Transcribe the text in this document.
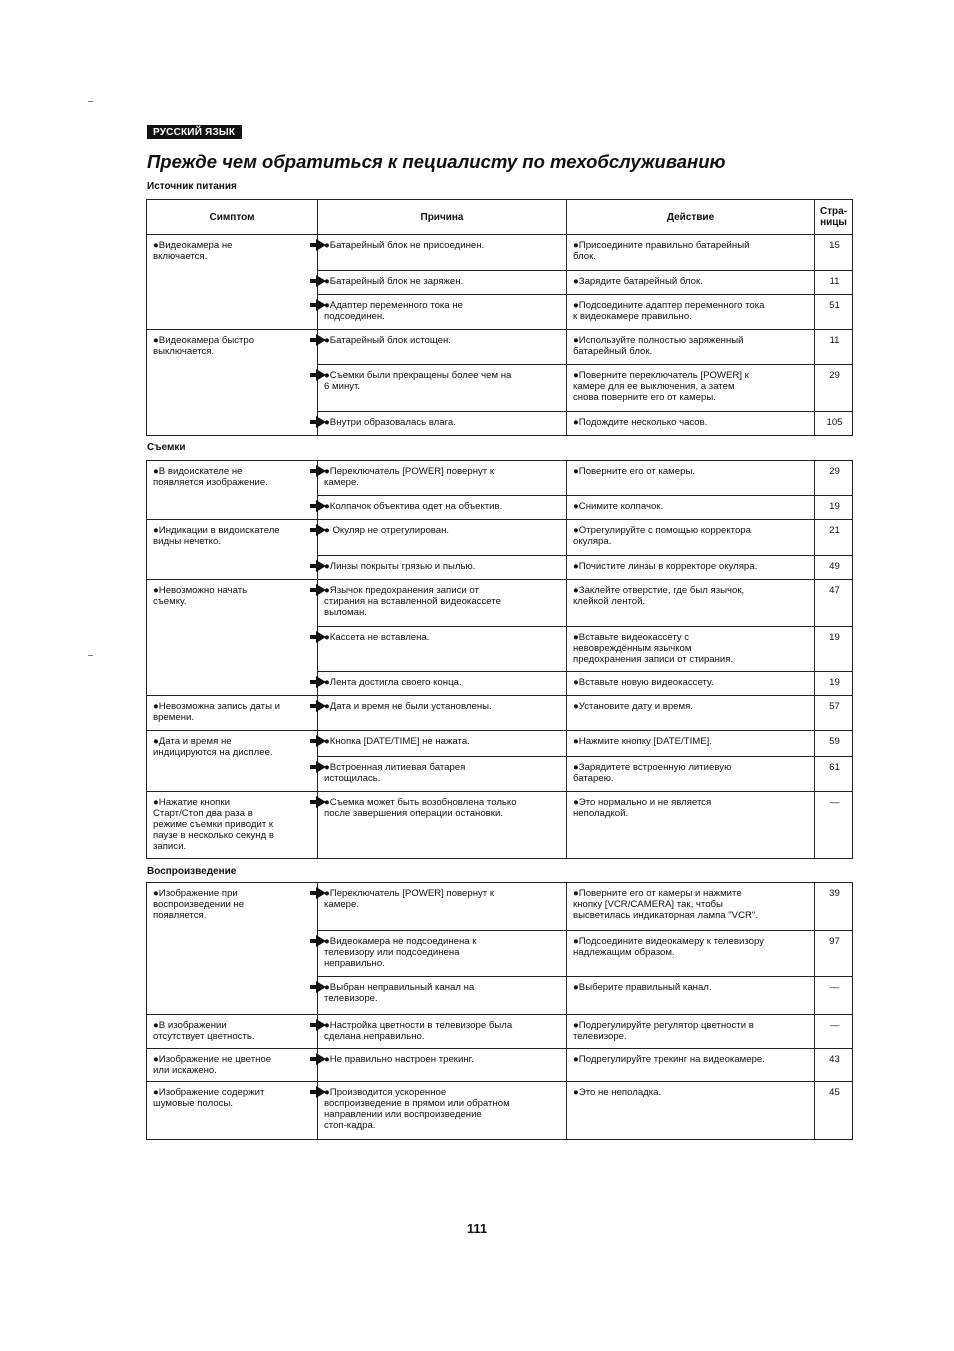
РУССКИЙ ЯЗЫК
Прежде чем обратиться к пециалисту по техобслуживанию
Источник питания
Симптом	Причина	Действие	Стра-
ницы
●Видеокамера не
включается.	●Батарейный блок не присоединен.	●Присоедините правильно батарейный
блок.	15

●Батарейный блок не заряжен.	●Зарядите батарейный блок.	11

●Адаптер переменного тока не
подсоединен.	●Подсоедините адаптер переменного тока
к видеокамере правильно.	51
●Видеокамера быстро
выключается.	●Батарейный блок истощен.	●Используйте полностью заряженный
батарейный блок.	11

●Съемки были прекращены более чем на
6 минут.	●Поверните переключатель [POWER] к
камере для ее выключения, а затем
снова поверните его от камеры.	29

●Внутри образовалась влага.	●Подождите несколько часов.	105
Съемки
●В видоискателе не
появляется изображение.	●Переключатель [POWER] повернут к
камере.	●Поверните его от камеры.	29

●Колпачок объектива одет на объектив.	●Снимите колпачок.	19
●Индикации в видоискателе
видны нечетко.	● Окуляр не отрегулирован.	●Отрегулируйте с помощью корректора
окуляра.	21

●Линзы покрыты грязью и пылью.	●Почистите линзы в корректоре окуляра.	49
●Невозможно начать
съемку.	●Язычок предохранения записи от
стирания на вставленной видеокассете
выломан.	●Заклейте отверстие, где был язычок,
клейкой лентой.	47

●Кассета не вставлена.	●Вставьте видеокассету с
невовреждённым язычком
предохранения записи от стирания.	19

●Лента достигла своего конца.	●Вставьте новую видеокассету.	19
●Невозможна запись даты и
времени.	●Дата и время не были установлены.	●Установите дату и время.	57
●Дата и время не
индицируются на дисплее.	●Кнопка [DATE/TIME] не нажата.	●Нажмите кнопку [DATE/TIME].	59

●Встроенная литиевая батарея
истощилась.	●Зарядитете встроенную литиевую
батарею.	61
●Нажатие кнопки
Старт/Стоп два раза в
режиме съемки приводит к
паузе в несколько секунд в
записи.	●Съемка может быть возобновлена только
после завершения операции остановки.	●Это нормально и не является
неполадкой.	—
Воспроизведение
●Изображение при
воспроизведении не
появляется.	●Переключатель [POWER] повернут к
камере.	●Поверните его от камеры и нажмите
кнопку [VCR/CAMERA] так, чтобы
высветилась индикаторная лампа "VCR".	39

●Видеокамера не подсоединена к
телевизору или подсоединена
неправильно.	●Подсоедините видеокамеру к телевизору
надлежащим образом.	97

●Выбран неправильный канал на
телевизоре.	●Выберите правильный канал.	—
●В изображении
отсутствует цветность.	●Настройка цветности в телевизоре была
сделана неправильно.	●Подрегулируйте регулятор цветности в
телевизоре.	—
●Изображение не цветное
или искажено.	●Не правильно настроен трекинг.	●Подрегулируйте трекинг на видеокамере.	43
●Изображение содержит
шумовые полосы.	●Производится ускоренное
воспроизведение в прямои или обратном
направлении или воспроизведение
стоп-кадра.	●Это не неполадка.	45
111
